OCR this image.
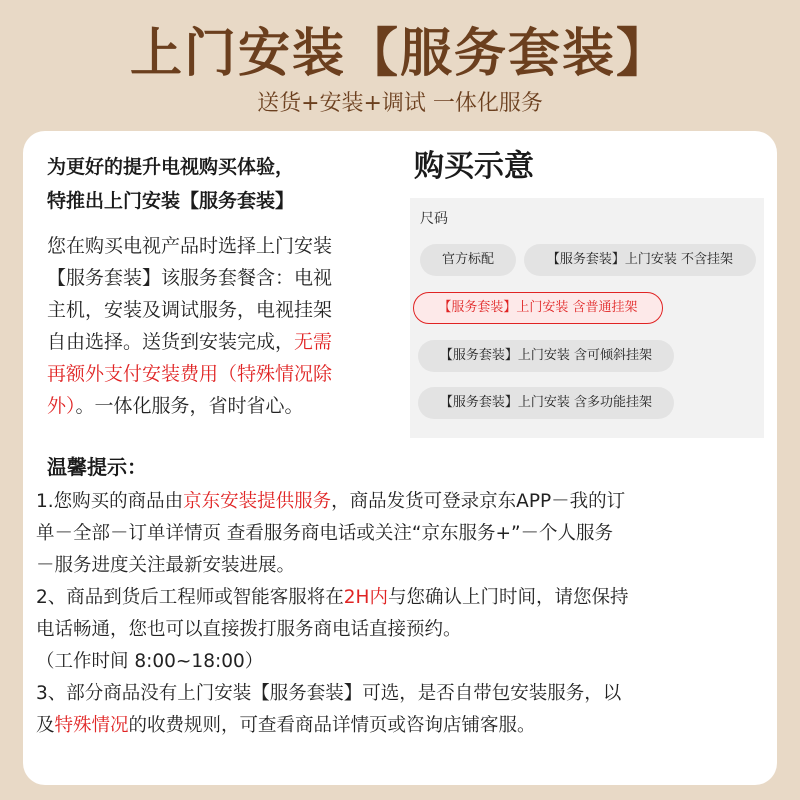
上门安装【服务套装】
送货+安装+调试 一体化服务
为更好的提升电视购买体验，
特推出上门安装【服务套装】
您在购买电视产品时选择上门安装
【服务套装】该服务套餐含：电视
主机，安装及调试服务，电视挂架
自由选择。送货到安装完成，无需
再额外支付安装费用（特殊情况除
外）。一体化服务，省时省心。
购买示意
尺码
官方标配	【服务套装】上门安装 不含挂架
【服务套装】上门安装 含普通挂架
【服务套装】上门安装 含可倾斜挂架
【服务套装】上门安装 含多功能挂架
温馨提示：
1.您购买的商品由京东安装提供服务，商品发货可登录京东APP－我的订
单－全部－订单详情页 查看服务商电话或关注“京东服务+”－个人服务
－服务进度关注最新安装进展。
2、商品到货后工程师或智能客服将在2H内与您确认上门时间，请您保持
电话畅通，您也可以直接拨打服务商电话直接预约。
（工作时间 8:00~18:00）
3、部分商品没有上门安装【服务套装】可选，是否自带包安装服务，以
及特殊情况的收费规则，可查看商品详情页或咨询店铺客服。
